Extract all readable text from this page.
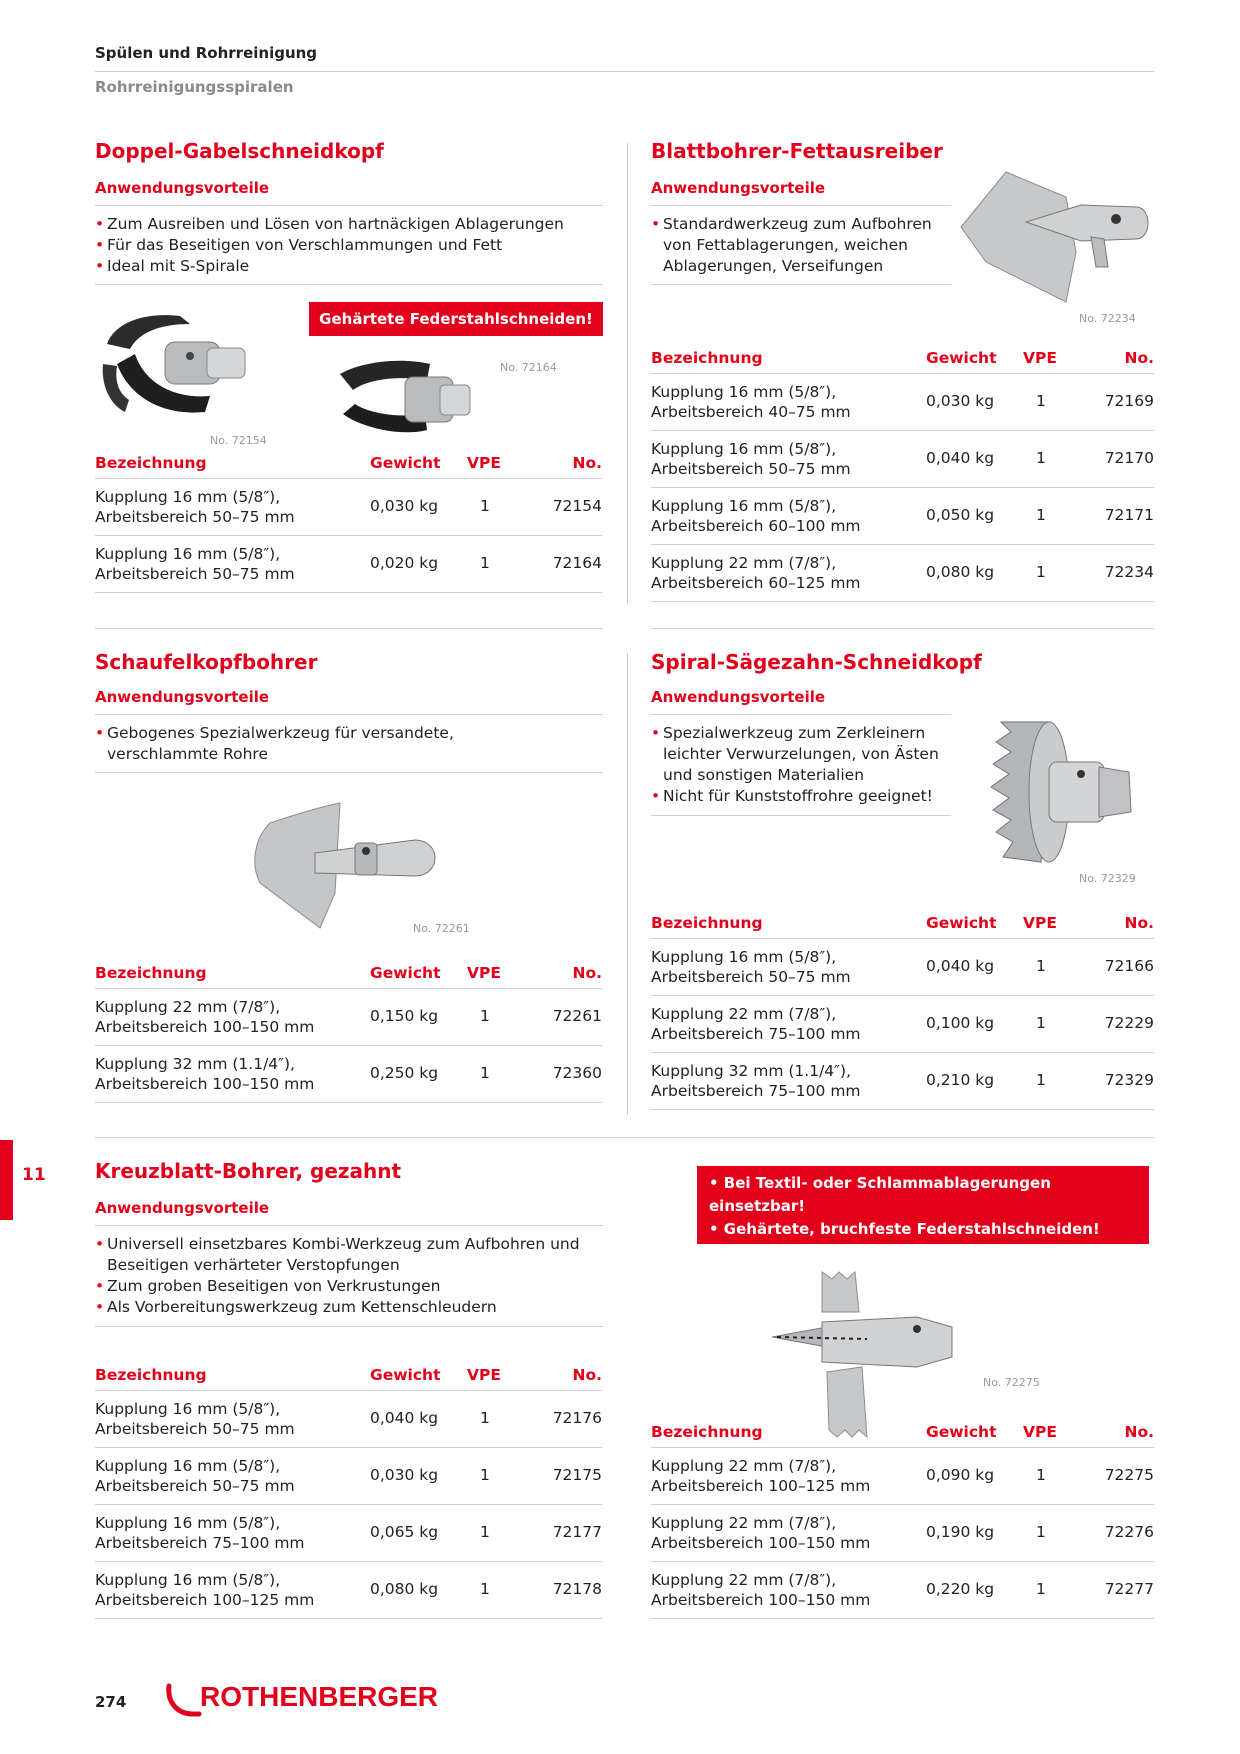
Spülen und Rohrreinigung
Rohrreinigungsspiralen
Doppel-Gabelschneidkopf
Anwendungsvorteile
• Zum Ausreiben und Lösen von hartnäckigen Ablagerungen
• Für das Beseitigen von Verschlammungen und Fett
• Ideal mit S-Spirale
Gehärtete Federstahlschneiden!
No. 72154
No. 72164
Bezeichnung	Gewicht VPE	No.
Kupplung 16 mm (5/8″),
Arbeitsbereich 50–75 mm
0,030 kg	1	72154
Kupplung 16 mm (5/8″),
Arbeitsbereich 50–75 mm
0,020 kg	1	72164
Blattbohrer-Fettausreiber
Anwendungsvorteile
• Standardwerkzeug zum Aufbohren von Fettablagerungen, weichen Ablagerungen, Verseifungen
No. 72234
Bezeichnung	Gewicht VPE	No.
Kupplung 16 mm (5/8″),
Arbeitsbereich 40–75 mm
0,030 kg	1	72169
Kupplung 16 mm (5/8″),
Arbeitsbereich 50–75 mm
0,040 kg	1	72170
Kupplung 16 mm (5/8″),
Arbeitsbereich 60–100 mm
0,050 kg	1	72171
Kupplung 22 mm (7/8″),
Arbeitsbereich 60–125 mm
0,080 kg	1	72234
Schaufelkopfbohrer
Anwendungsvorteile
• Gebogenes Spezialwerkzeug für versandete, verschlammte Rohre
No. 72261
Bezeichnung	Gewicht VPE	No.
Kupplung 22 mm (7/8″),
Arbeitsbereich 100–150 mm
0,150 kg	1	72261
Kupplung 32 mm (1.1/4″),
Arbeitsbereich 100–150 mm
0,250 kg	1	72360
Spiral-Sägezahn-Schneidkopf
Anwendungsvorteile
• Spezialwerkzeug zum Zerkleinern leichter Verwurzelungen, von Ästen und sonstigen Materialien
• Nicht für Kunststoffrohre geeignet!
No. 72329
Bezeichnung	Gewicht VPE	No.
Kupplung 16 mm (5/8″),
Arbeitsbereich 50–75 mm
0,040 kg	1	72166
Kupplung 22 mm (7/8″),
Arbeitsbereich 75–100 mm
0,100 kg	1	72229
Kupplung 32 mm (1.1/4″),
Arbeitsbereich 75–100 mm
0,210 kg	1	72329
11 Kreuzblatt-Bohrer, gezahnt
Anwendungsvorteile
• Universell einsetzbares Kombi-Werkzeug zum Aufbohren und Beseitigen verhärteter Verstopfungen
• Zum groben Beseitigen von Verkrustungen
• Als Vorbereitungswerkzeug zum Kettenschleudern
• Bei Textil- oder Schlammablagerungen einsetzbar!
• Gehärtete, bruchfeste Federstahlschneiden!
• Einsatz mit S- oder SMK-Spiralen zu empfehlen!
No. 72275
Bezeichnung	Gewicht VPE	No.
Kupplung 16 mm (5/8″),
Arbeitsbereich 50–75 mm
0,040 kg	1	72176
Kupplung 16 mm (5/8″),
Arbeitsbereich 50–75 mm
0,030 kg	1	72175
Kupplung 16 mm (5/8″),
Arbeitsbereich 75–100 mm
0,065 kg	1	72177
Kupplung 16 mm (5/8″),
Arbeitsbereich 100–125 mm
0,080 kg	1	72178
Bezeichnung	Gewicht VPE	No.
Kupplung 22 mm (7/8″),
Arbeitsbereich 100–125 mm
0,090 kg	1	72275
Kupplung 22 mm (7/8″),
Arbeitsbereich 100–150 mm
0,190 kg	1	72276
Kupplung 22 mm (7/8″),
Arbeitsbereich 100–150 mm
0,220 kg	1	72277
274	ROTHENBERGER
